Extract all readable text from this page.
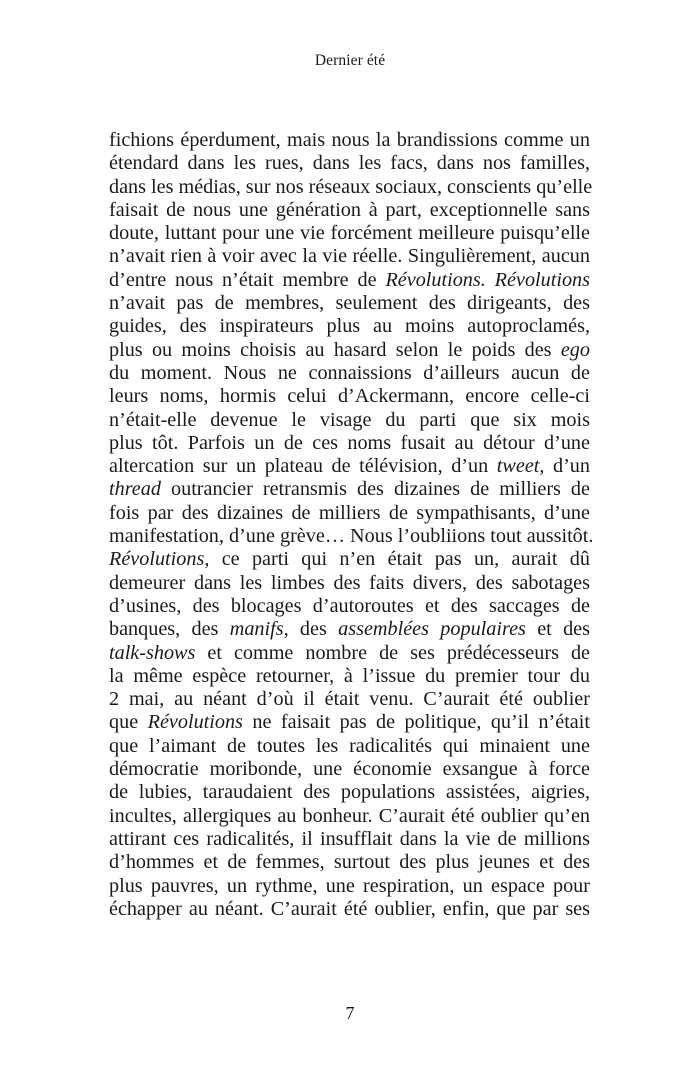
Dernier été
fichions éperdument, mais nous la brandissions comme un
étendard dans les rues, dans les facs, dans nos familles,
dans les médias, sur nos réseaux sociaux, conscients qu’elle
faisait de nous une génération à part, exceptionnelle sans
doute, luttant pour une vie forcément meilleure puisqu’elle
n’avait rien à voir avec la vie réelle. Singulièrement, aucun
d’entre nous n’était membre de Révolutions. Révolutions
n’avait pas de membres, seulement des dirigeants, des
guides, des inspirateurs plus au moins autoproclamés,
plus ou moins choisis au hasard selon le poids des ego
du moment. Nous ne connaissions d’ailleurs aucun de
leurs noms, hormis celui d’Ackermann, encore celle-ci
n’était-elle devenue le visage du parti que six mois
plus tôt. Parfois un de ces noms fusait au détour d’une
altercation sur un plateau de télévision, d’un tweet, d’un
thread outrancier retransmis des dizaines de milliers de
fois par des dizaines de milliers de sympathisants, d’une
manifestation, d’une grève… Nous l’oubliions tout aussitôt.
Révolutions, ce parti qui n’en était pas un, aurait dû
demeurer dans les limbes des faits divers, des sabotages
d’usines, des blocages d’autoroutes et des saccages de
banques, des manifs, des assemblées populaires et des
talk-shows et comme nombre de ses prédécesseurs de
la même espèce retourner, à l’issue du premier tour du
2 mai, au néant d’où il était venu. C’aurait été oublier
que Révolutions ne faisait pas de politique, qu’il n’était
que l’aimant de toutes les radicalités qui minaient une
démocratie moribonde, une économie exsangue à force
de lubies, taraudaient des populations assistées, aigries,
incultes, allergiques au bonheur. C’aurait été oublier qu’en
attirant ces radicalités, il insufflait dans la vie de millions
d’hommes et de femmes, surtout des plus jeunes et des
plus pauvres, un rythme, une respiration, un espace pour
échapper au néant. C’aurait été oublier, enfin, que par ses
7
